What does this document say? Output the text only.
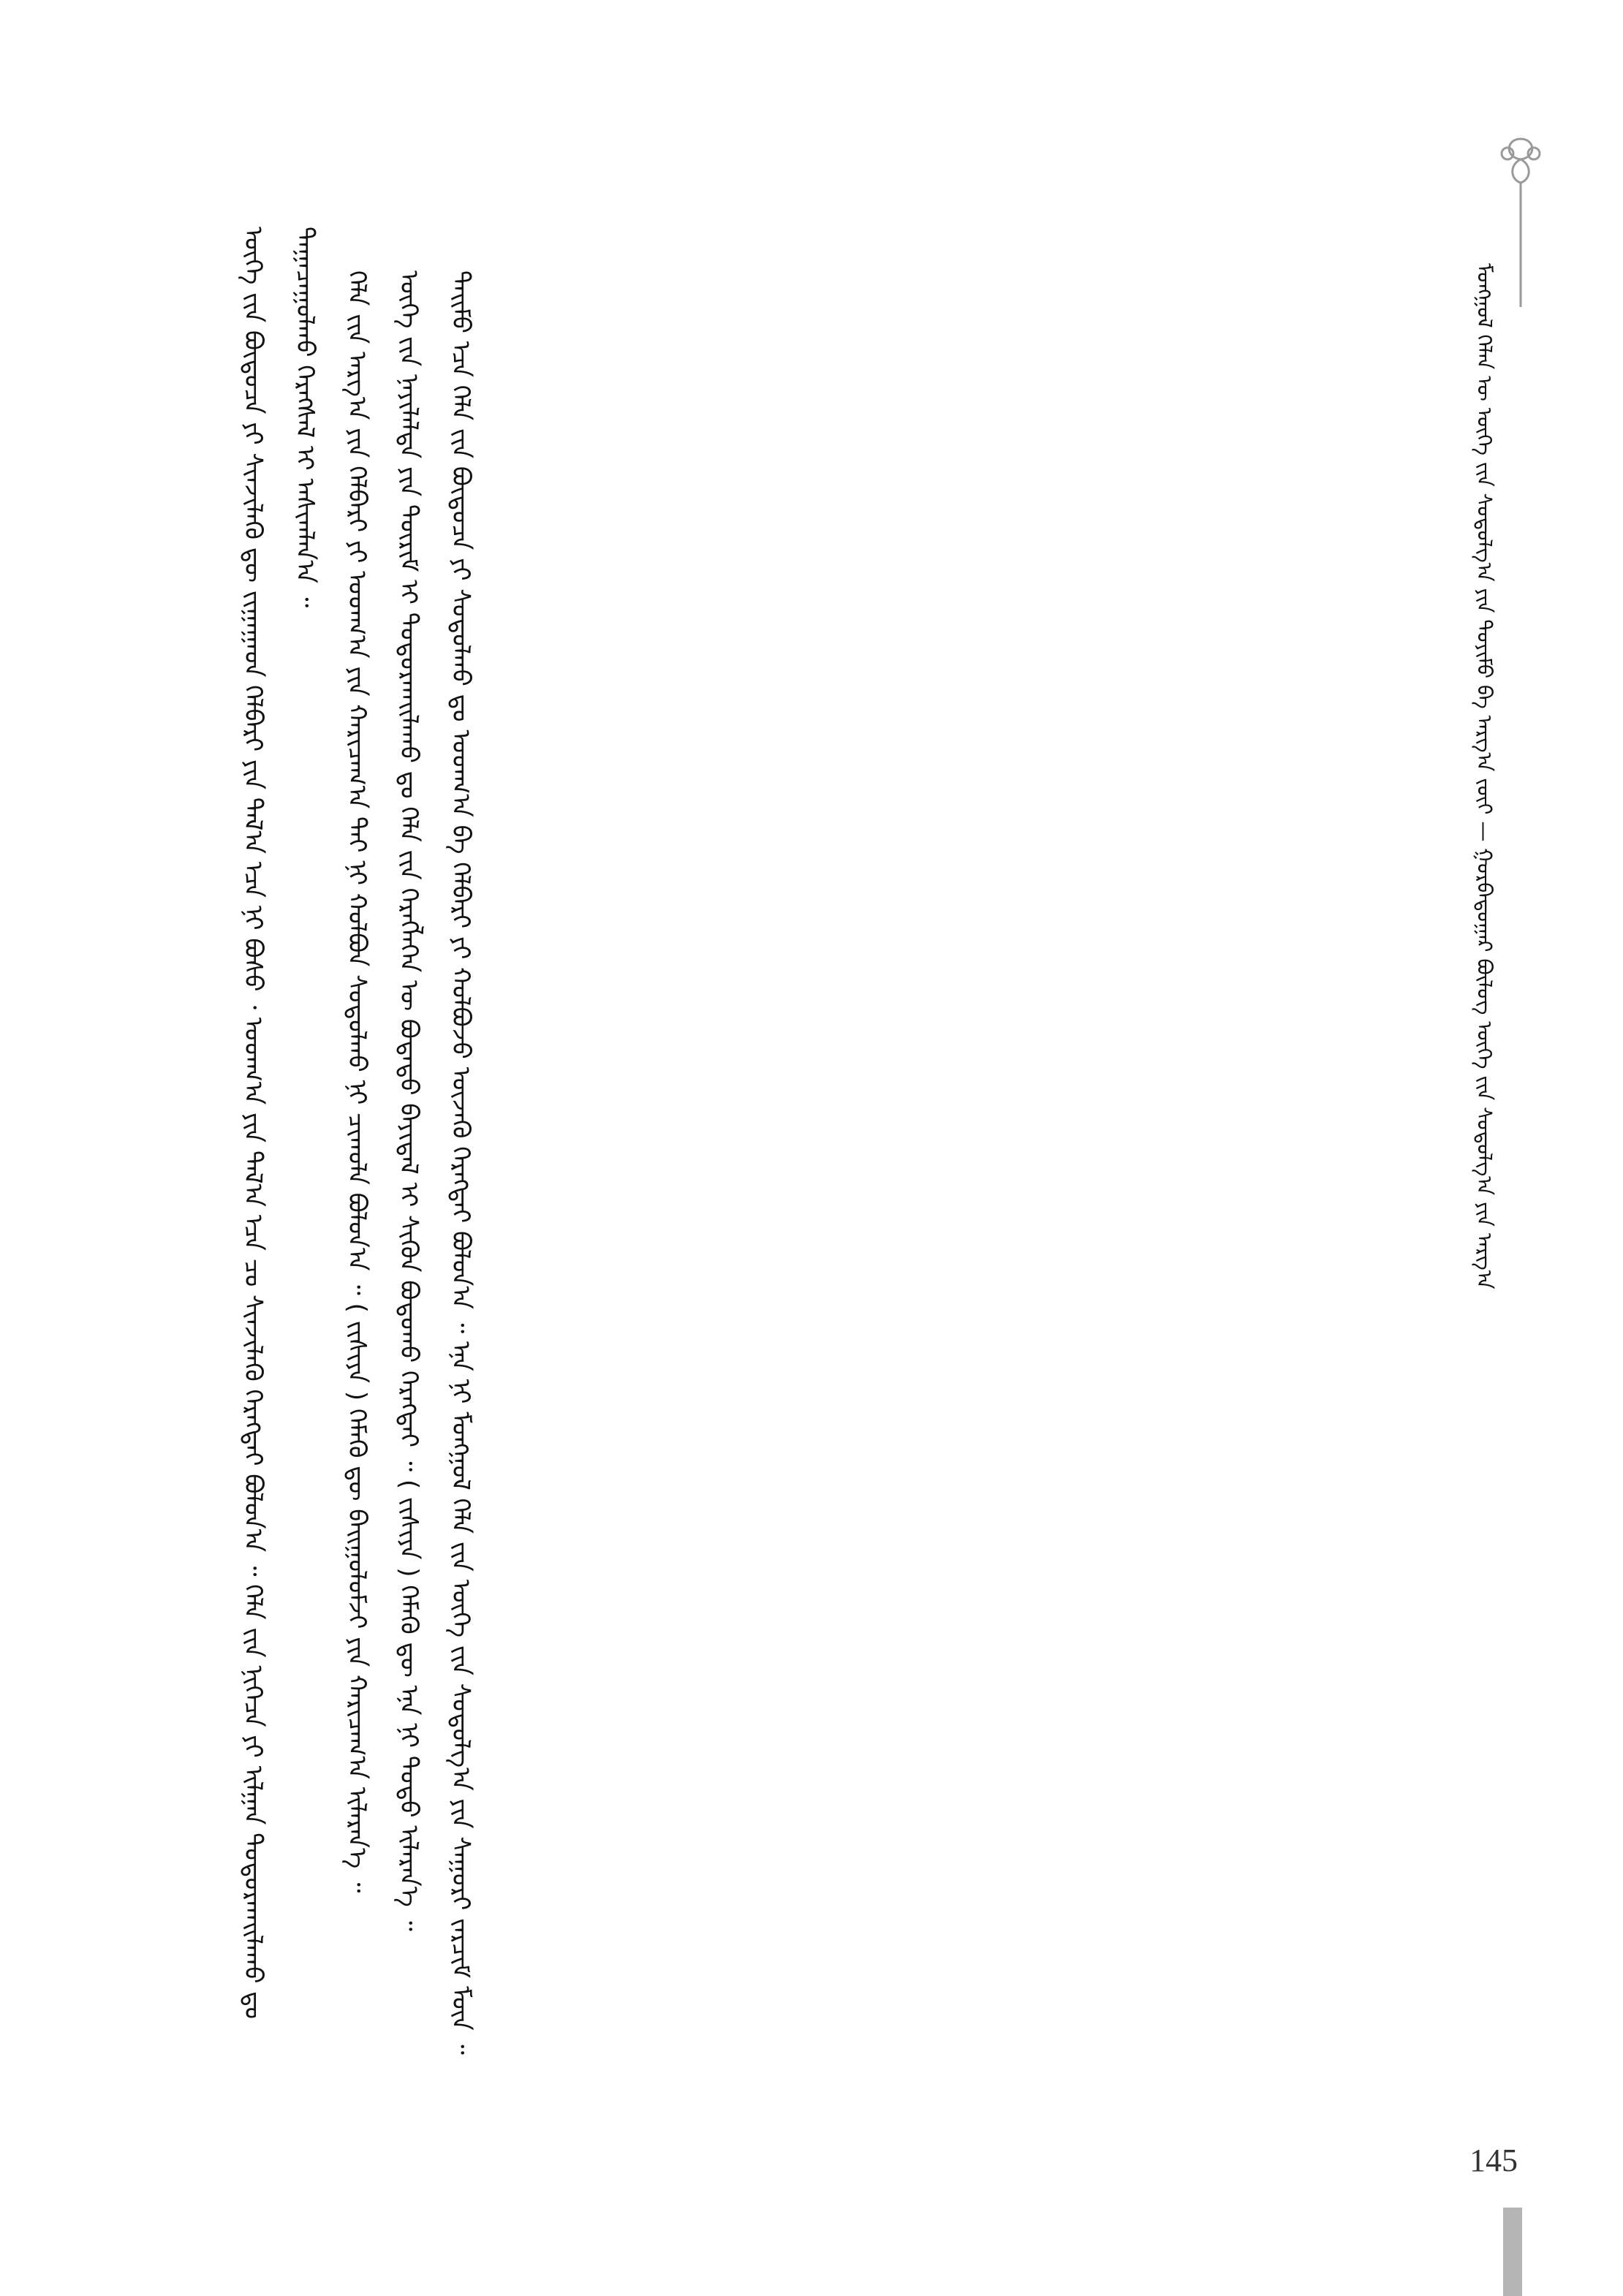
ᠮᠣᠩᠭᠣᠯ ᠬᠡᠯᠡᠨ ᠦ ᠦᠭᠡ ᠵᠢᠨ ᠰᠤᠳᠤᠯᠭ᠎ᠠ ᠶᠢᠨ ᠲᠣᠶᠢᠮᠤ ᠪᠠ ᠠᠷᠭ᠎ᠠ ᠵᠦᠢ — ᠭᠤᠷᠪᠠᠳᠤᠭᠠᠷ ᠪᠦᠯᠦᠭ ᠦᠭᠡ ᠵᠢᠨ ᠰᠤᠳᠤᠯᠭ᠎ᠠ ᠶᠢᠨ ᠠᠷᠭ᠎ᠠ

ᠦᠭᠡ ᠵᠢᠨ ᠪᠦᠲᠦᠴᠡ ᠶᠢ ᠰᠢᠨᠵᠢᠯᠡᠬᠦ ᠳᠦ ᠵᠢᠭᠠᠭᠠᠳ ᠬᠡᠯᠪᠡᠷᠢ ᠶᠢᠨ ᠲᠠᠯ᠎ᠠ ᠡᠴᠡ ᠨᠢ ᠪᠤᠰᠤ ᠂ ᠤᠳᠬ᠎ᠠ ᠶᠢᠨ ᠲᠠᠯ᠎ᠠ ᠡᠴᠡ ᠴᠤ ᠰᠢᠨᠵᠢᠯᠡᠬᠦ ᠬᠡᠷᠡᠭᠲᠡᠢ ᠪᠣᠯᠤᠨ᠎ᠠ ᠃ ᠬᠡᠯᠡ ᠵᠢᠨ ᠨᠢᠭᠡᠴᠡ ᠶᠢ ᠢᠯᠭᠠᠨ ᠲᠣᠳᠤᠷᠬᠠᠢᠯᠠᠬᠤ ᠳᠤ ᠳᠠᠭᠠᠴᠠᠭᠤᠯᠬᠤ ᠬᠡᠷᠡᠭᠰᠡᠯ ᠢ ᠠᠰᠢᠭᠯᠠᠨ᠎ᠠ ᠃ ᠬᠡᠯᠡ ᠵᠢᠨ ᠠᠷᠭ᠎ᠠ ᠶᠢᠨ ᠬᠡᠯᠪᠡᠷᠢ ᠶᠢ ᠤᠳᠬ᠎ᠠ ᠶᠢᠨ ᠬᠠᠷᠢᠴᠠᠭ᠎ᠠ ᠲᠠᠢ ᠨᠢ ᠬᠣᠯᠪᠣᠨ ᠰᠤᠳᠤᠯᠬᠤ ᠨᠢ ᠴᠢᠬᠤᠯᠠ ᠪᠣᠯᠤᠨ᠎ᠠ ᠃ ( ᠵᠢᠱᠢᠶᠡ ) ᠬᠡᠮᠡᠬᠦ ᠳᠦ ᠪᠠᠢᠭᠤᠯᠤᠮᠵᠢ ᠶᠢᠨ ᠬᠠᠷᠢᠴᠠᠭ᠎ᠠ ᠢᠯᠡᠷᠡᠨ᠎ᠡ ᠃ ᠦᠭᠡ ᠵᠢᠨ ᠨᠡᠶᠢᠯᠡᠯᠲᠡ ᠶᠢᠨ ᠳᠦᠷᠢᠮ ᠢ ᠲᠣᠳᠤᠷᠬᠠᠢᠯᠠᠬᠤ ᠳᠤ ᠬᠡᠯᠡ ᠵᠢᠨ ᠬᠡᠷᠡᠭᠯᠡᠭᠡᠨ ᠦ ᠪᠣᠳᠠᠲᠤ ᠪᠠᠶᠢᠳᠠᠯ ᠢ ᠰᠢᠭᠦᠨ ᠪᠣᠳᠣᠬᠤ ᠬᠡᠷᠡᠭᠲᠡᠢ ᠃ ( ᠵᠢᠱᠢᠶᠡ ) ᠬᠡᠮᠡᠬᠦ ᠳᠦ ᠡᠨᠡ ᠨᠢ ᠲᠣᠳᠣ ᠢᠯᠡᠷᠡᠨ᠎ᠡ ᠃ ᠲᠡᠢᠮᠦ ᠡᠴᠡ ᠬᠡᠯᠡ ᠵᠢᠨ ᠪᠦᠲᠦᠴᠡ ᠶᠢ ᠰᠤᠳᠤᠯᠬᠤ ᠳᠤ ᠤᠳᠬ᠎ᠠ ᠪᠠ ᠬᠡᠯᠪᠡᠷᠢ ᠶᠢ ᠬᠣᠯᠪᠣᠵᠤ ᠦᠵᠡᠬᠦ ᠬᠡᠷᠡᠭᠲᠡᠢ ᠪᠣᠯᠤᠨ᠎ᠠ ᠃ ᠡᠨᠡ ᠨᠢ ᠮᠣᠩᠭᠣᠯ ᠬᠡᠯᠡ ᠵᠢᠨ ᠦᠭᠡ ᠵᠢᠨ ᠰᠤᠳᠤᠯᠭ᠎ᠠ ᠶᠢᠨ ᠰᠠᠭᠤᠷᠢ ᠵᠠᠷᠴᠢᠮ ᠮᠥᠨ ᠃

145
